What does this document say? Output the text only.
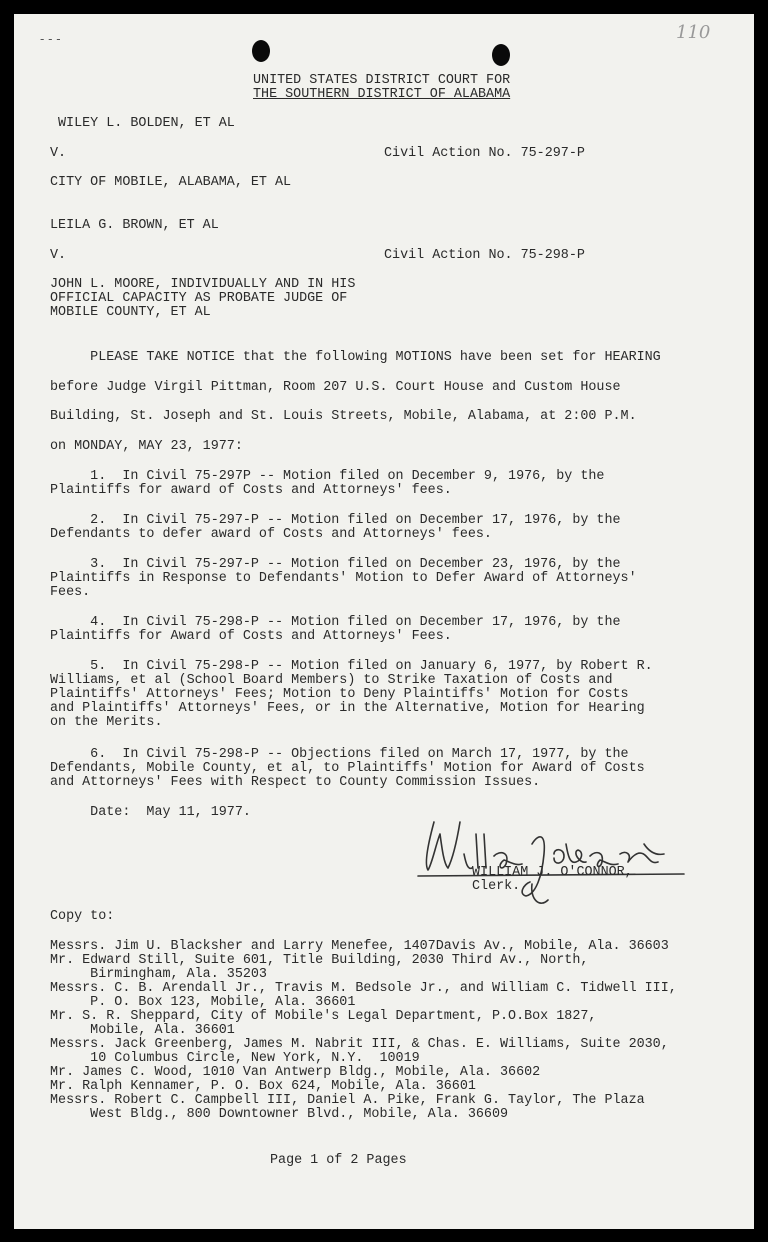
- - -	110
UNITED STATES DISTRICT COURT FOR
THE SOUTHERN DISTRICT OF ALABAMA
WILEY L. BOLDEN, ET AL
V.	Civil Action No. 75-297-P
CITY OF MOBILE, ALABAMA, ET AL
LEILA G. BROWN, ET AL
V.	Civil Action No. 75-298-P
JOHN L. MOORE, INDIVIDUALLY AND IN HIS
OFFICIAL CAPACITY AS PROBATE JUDGE OF
MOBILE COUNTY, ET AL
PLEASE TAKE NOTICE that the following MOTIONS have been set for HEARING
before Judge Virgil Pittman, Room 207 U.S. Court House and Custom House
Building, St. Joseph and St. Louis Streets, Mobile, Alabama, at 2:00 P.M.
on MONDAY, MAY 23, 1977:
1.  In Civil 75-297P -- Motion filed on December 9, 1976, by the
Plaintiffs for award of Costs and Attorneys' fees.
2.  In Civil 75-297-P -- Motion filed on December 17, 1976, by the
Defendants to defer award of Costs and Attorneys' fees.
3.  In Civil 75-297-P -- Motion filed on December 23, 1976, by the
Plaintiffs in Response to Defendants' Motion to Defer Award of Attorneys'
Fees.
4.  In Civil 75-298-P -- Motion filed on December 17, 1976, by the
Plaintiffs for Award of Costs and Attorneys' Fees.
5.  In Civil 75-298-P -- Motion filed on January 6, 1977, by Robert R.
Williams, et al (School Board Members) to Strike Taxation of Costs and
Plaintiffs' Attorneys' Fees; Motion to Deny Plaintiffs' Motion for Costs
and Plaintiffs' Attorneys' Fees, or in the Alternative, Motion for Hearing
on the Merits.
6.  In Civil 75-298-P -- Objections filed on March 17, 1977, by the
Defendants, Mobile County, et al, to Plaintiffs' Motion for Award of Costs
and Attorneys' Fees with Respect to County Commission Issues.
Date:  May 11, 1977.
WILLIAM J. O'CONNOR,
Clerk.
Copy to:
Messrs. Jim U. Blacksher and Larry Menefee, 1407Davis Av., Mobile, Ala. 36603
Mr. Edward Still, Suite 601, Title Building, 2030 Third Av., North,
Birmingham, Ala. 35203
Messrs. C. B. Arendall Jr., Travis M. Bedsole Jr., and William C. Tidwell III,
P. O. Box 123, Mobile, Ala. 36601
Mr. S. R. Sheppard, City of Mobile's Legal Department, P.O.Box 1827,
Mobile, Ala. 36601
Messrs. Jack Greenberg, James M. Nabrit III, & Chas. E. Williams, Suite 2030,
10 Columbus Circle, New York, N.Y.  10019
Mr. James C. Wood, 1010 Van Antwerp Bldg., Mobile, Ala. 36602
Mr. Ralph Kennamer, P. O. Box 624, Mobile, Ala. 36601
Messrs. Robert C. Campbell III, Daniel A. Pike, Frank G. Taylor, The Plaza
West Bldg., 800 Downtowner Blvd., Mobile, Ala. 36609
Page 1 of 2 Pages
